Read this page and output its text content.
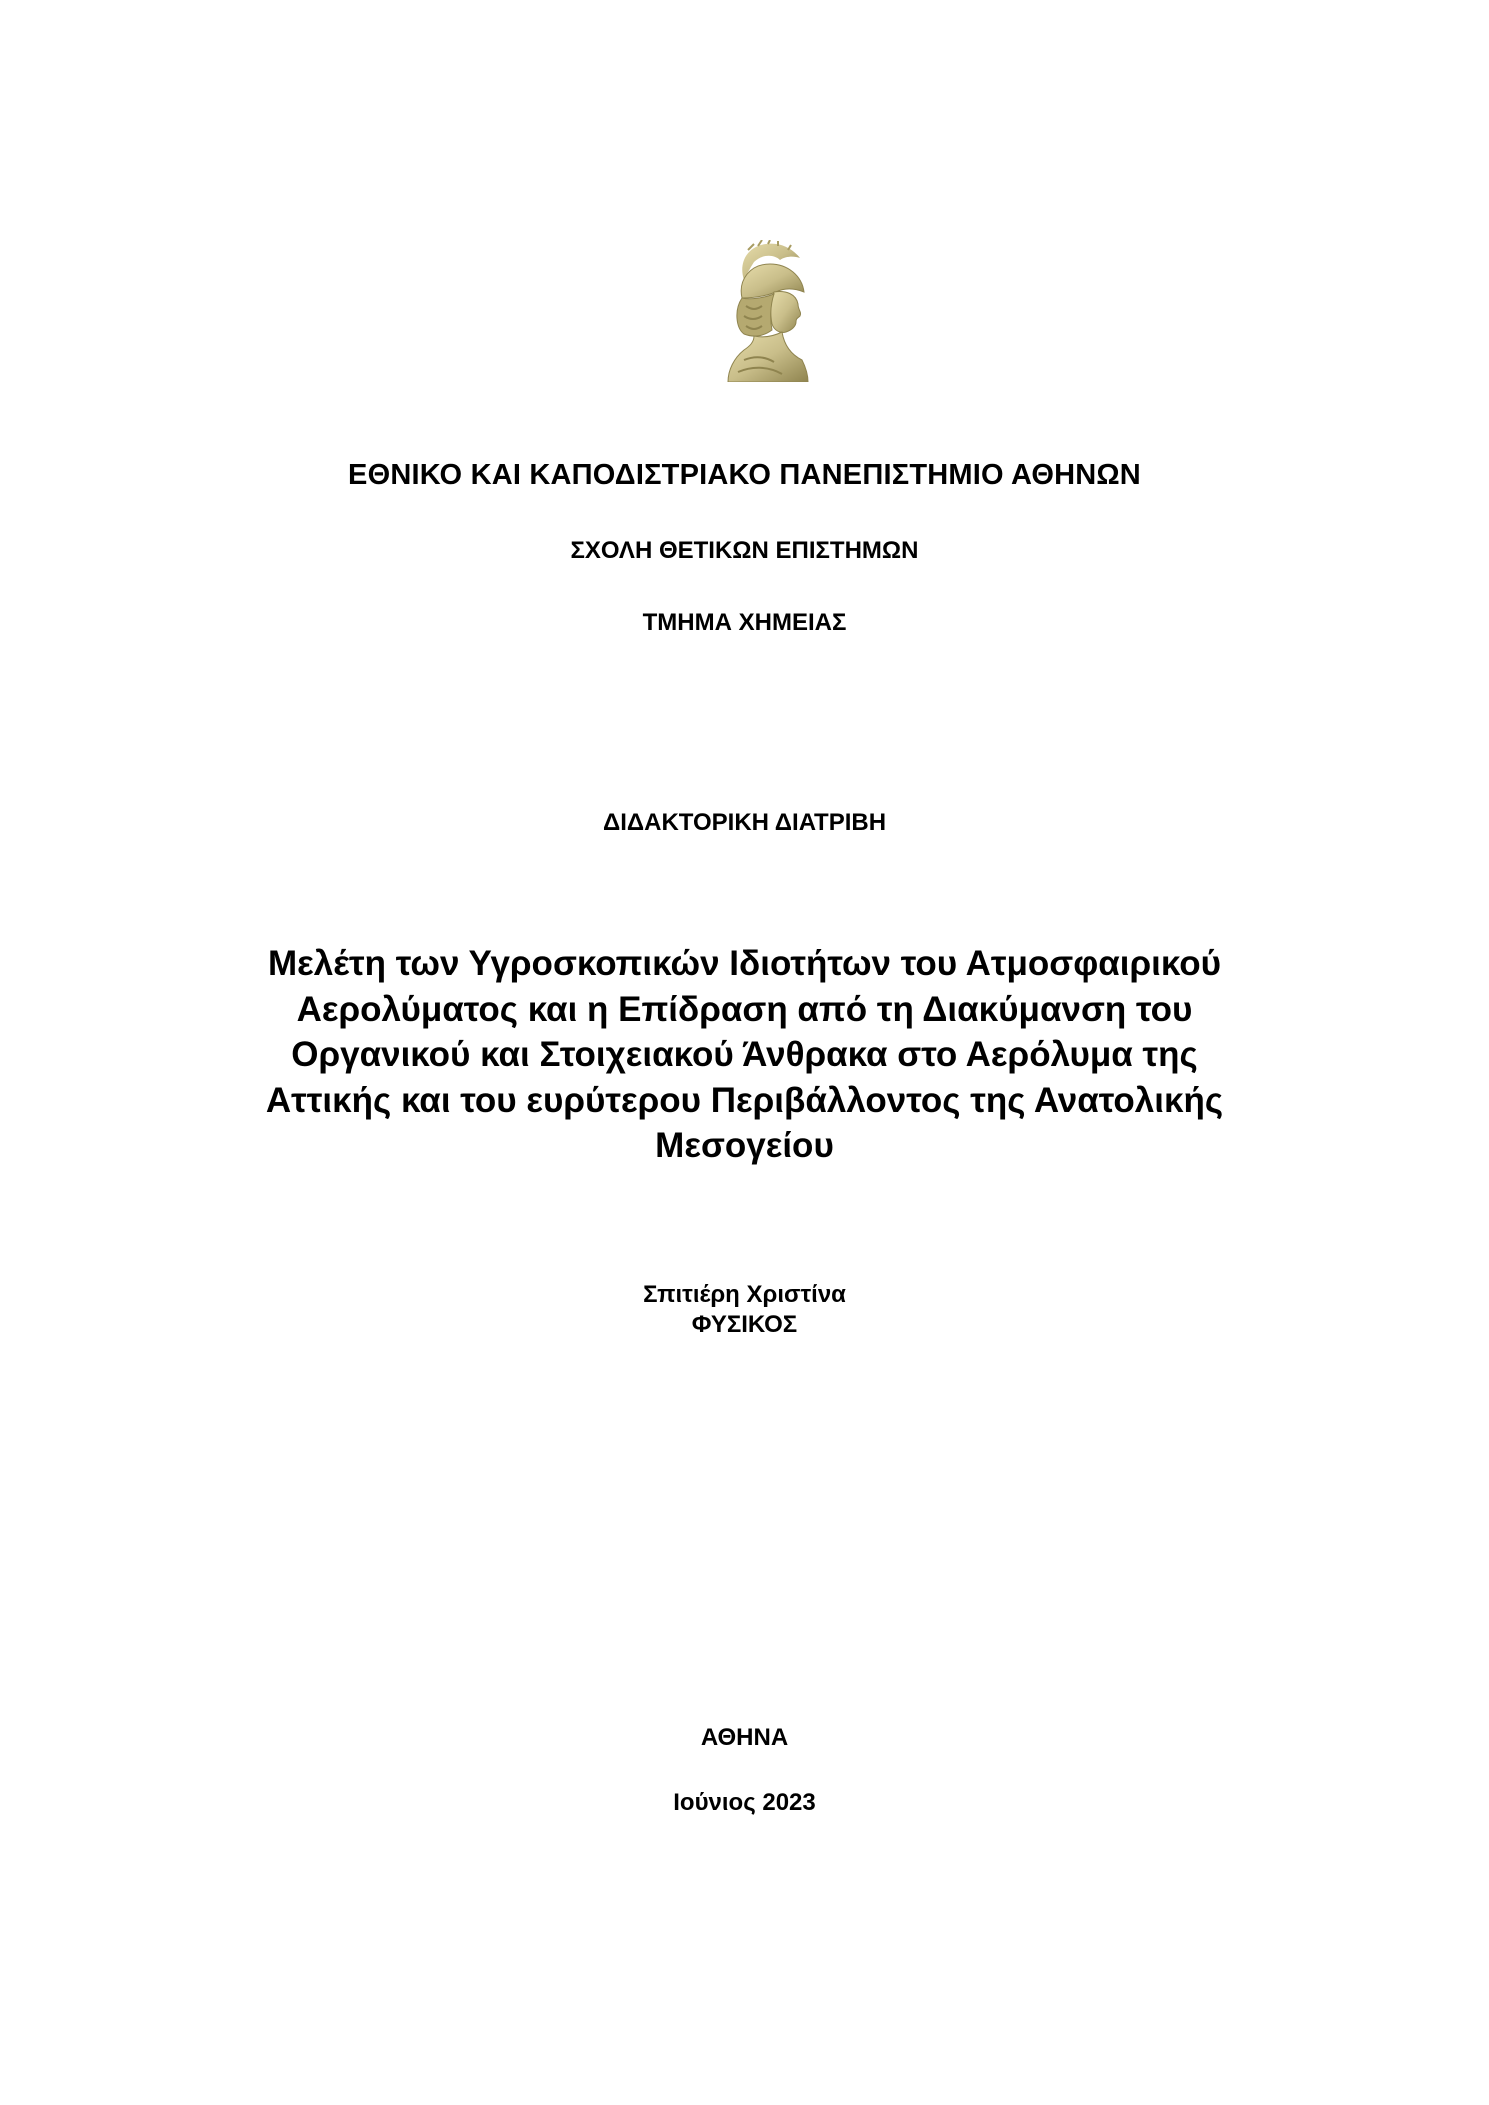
ΕΘΝΙΚΟ ΚΑΙ ΚΑΠΟΔΙΣΤΡΙΑΚΟ ΠΑΝΕΠΙΣΤΗΜΙΟ ΑΘΗΝΩΝ
ΣΧΟΛΗ ΘΕΤΙΚΩΝ ΕΠΙΣΤΗΜΩΝ
ΤΜΗΜΑ ΧΗΜΕΙΑΣ
ΔΙΔΑΚΤΟΡΙΚΗ ΔΙΑΤΡΙΒΗ
Μελέτη των Υγροσκοπικών Ιδιοτήτων του Ατμοσφαιρικού
Αερολύματος και η Επίδραση από τη Διακύμανση του
Οργανικού και Στοιχειακού Άνθρακα στο Αερόλυμα της
Αττικής και του ευρύτερου Περιβάλλοντος της Ανατολικής
Μεσογείου
Σπιτιέρη Χριστίνα
ΦΥΣΙΚΟΣ
ΑΘΗΝΑ
Ιούνιος 2023
